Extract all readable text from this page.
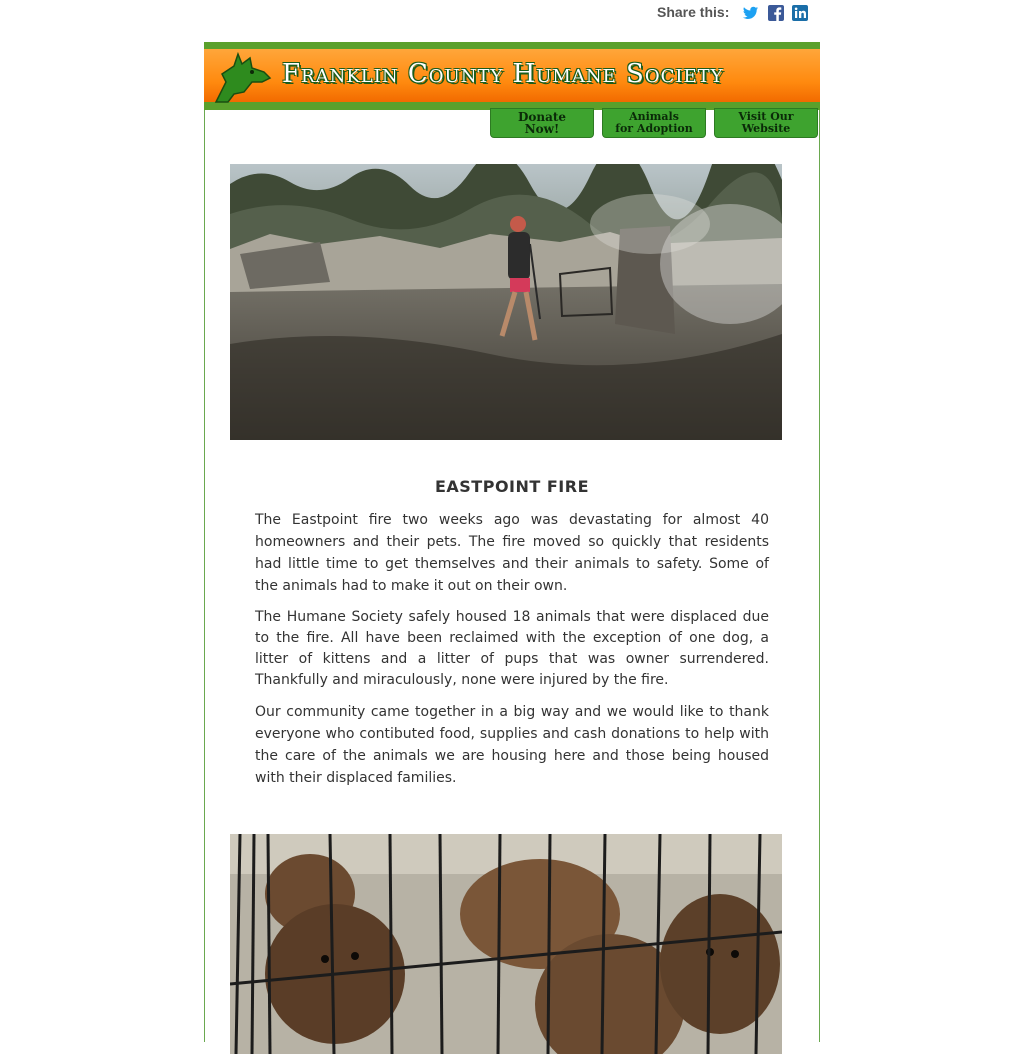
Share this:
Franklin County Humane Society
Donate
Now!
Animals
for Adoption
Visit Our
Website
EASTPOINT FIRE

The Eastpoint fire two weeks ago was devastating for almost 40 homeowners and their pets. The fire moved so quickly that residents had little time to get themselves and their animals to safety. Some of the animals had to make it out on their own.

The Humane Society safely housed 18 animals that were displaced due to the fire. All have been reclaimed with the exception of one dog, a litter of kittens and a litter of pups that was owner surrendered. Thankfully and miraculously, none were injured by the fire.

Our community came together in a big way and we would like to thank everyone who contibuted food, supplies and cash donations to help with the care of the animals we are housing here and those being housed with their displaced families.
